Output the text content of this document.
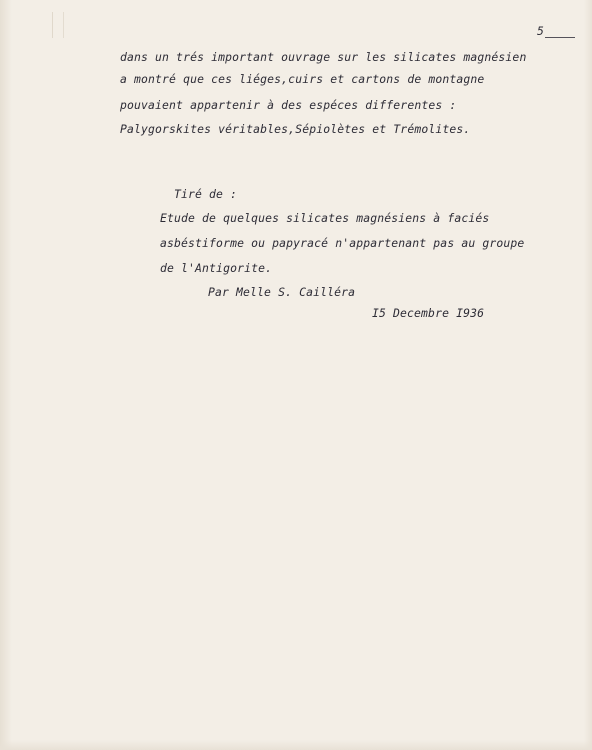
5
dans un trés important ouvrage sur les silicates magnésien
a montré que ces liéges,cuirs et cartons de montagne
pouvaient appartenir à des espéces differentes :
Palygorskites véritables,Sépiolètes et Trémolites.
Tiré de :
Etude de quelques silicates magnésiens à faciés
asbéstiforme ou papyracé n'appartenant pas au groupe
de l'Antigorite.
Par Melle S. Cailléra
I5 Decembre I936
